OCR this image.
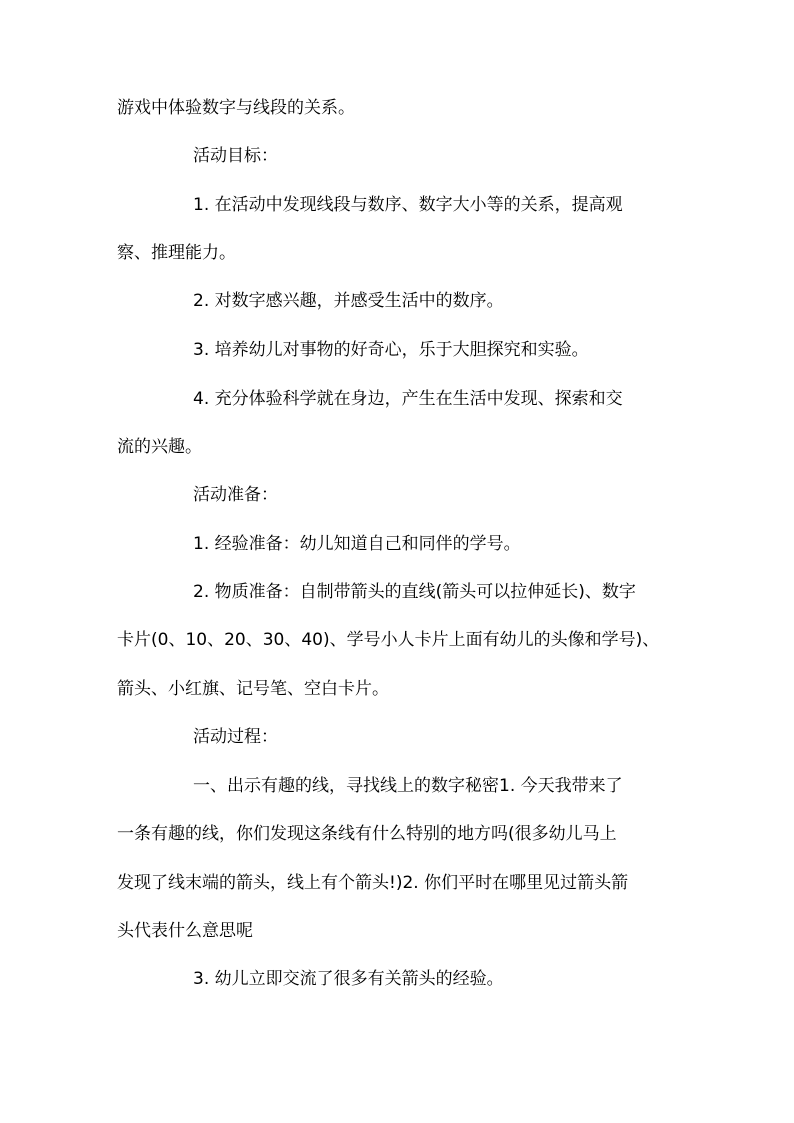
游戏中体验数字与线段的关系。
活动目标：
1. 在活动中发现线段与数序、数字大小等的关系，提高观
察、推理能力。
2. 对数字感兴趣，并感受生活中的数序。
3. 培养幼儿对事物的好奇心，乐于大胆探究和实验。
4. 充分体验科学就在身边，产生在生活中发现、探索和交
流的兴趣。
活动准备：
1. 经验准备：幼儿知道自己和同伴的学号。
2. 物质准备：自制带箭头的直线(箭头可以拉伸延长)、数字
卡片(0、10、20、30、40)、学号小人卡片上面有幼儿的头像和学号)、
箭头、小红旗、记号笔、空白卡片。
活动过程：
一、出示有趣的线，寻找线上的数字秘密1. 今天我带来了
一条有趣的线，你们发现这条线有什么特别的地方吗(很多幼儿马上
发现了线末端的箭头，线上有个箭头!)2. 你们平时在哪里见过箭头箭
头代表什么意思呢
3. 幼儿立即交流了很多有关箭头的经验。
